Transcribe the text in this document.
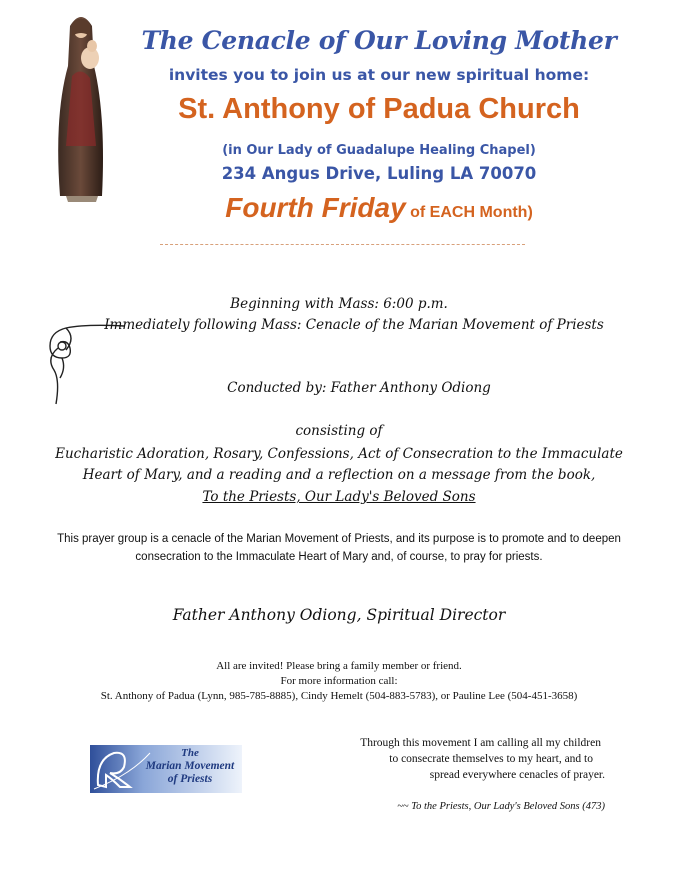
The Cenacle of Our Loving Mother
invites you to join us at our new spiritual home:
St. Anthony of Padua Church
(in Our Lady of Guadalupe Healing Chapel)
234 Angus Drive, Luling LA 70070
Fourth Friday of EACH Month)
Beginning with Mass: 6:00 p.m.
Immediately following Mass: Cenacle of the Marian Movement of Priests
Conducted by: Father Anthony Odiong
consisting of
Eucharistic Adoration, Rosary, Confessions, Act of Consecration to the Immaculate
Heart of Mary, and a reading and a reflection on a message from the book,
To the Priests, Our Lady's Beloved Sons
This prayer group is a cenacle of the Marian Movement of Priests, and its purpose is to promote and to deepen
consecration to the Immaculate Heart of Mary and, of course, to pray for priests.
Father Anthony Odiong, Spiritual Director
All are invited! Please bring a family member or friend.
For more information call:
St. Anthony of Padua (Lynn, 985-785-8885), Cindy Hemelt (504-883-5783), or Pauline Lee (504-451-3658)
The
Marian Movement
of Priests
Through this movement I am calling all my children
to consecrate themselves to my heart, and to
spread everywhere cenacles of prayer.
~~ To the Priests, Our Lady's Beloved Sons (473)
